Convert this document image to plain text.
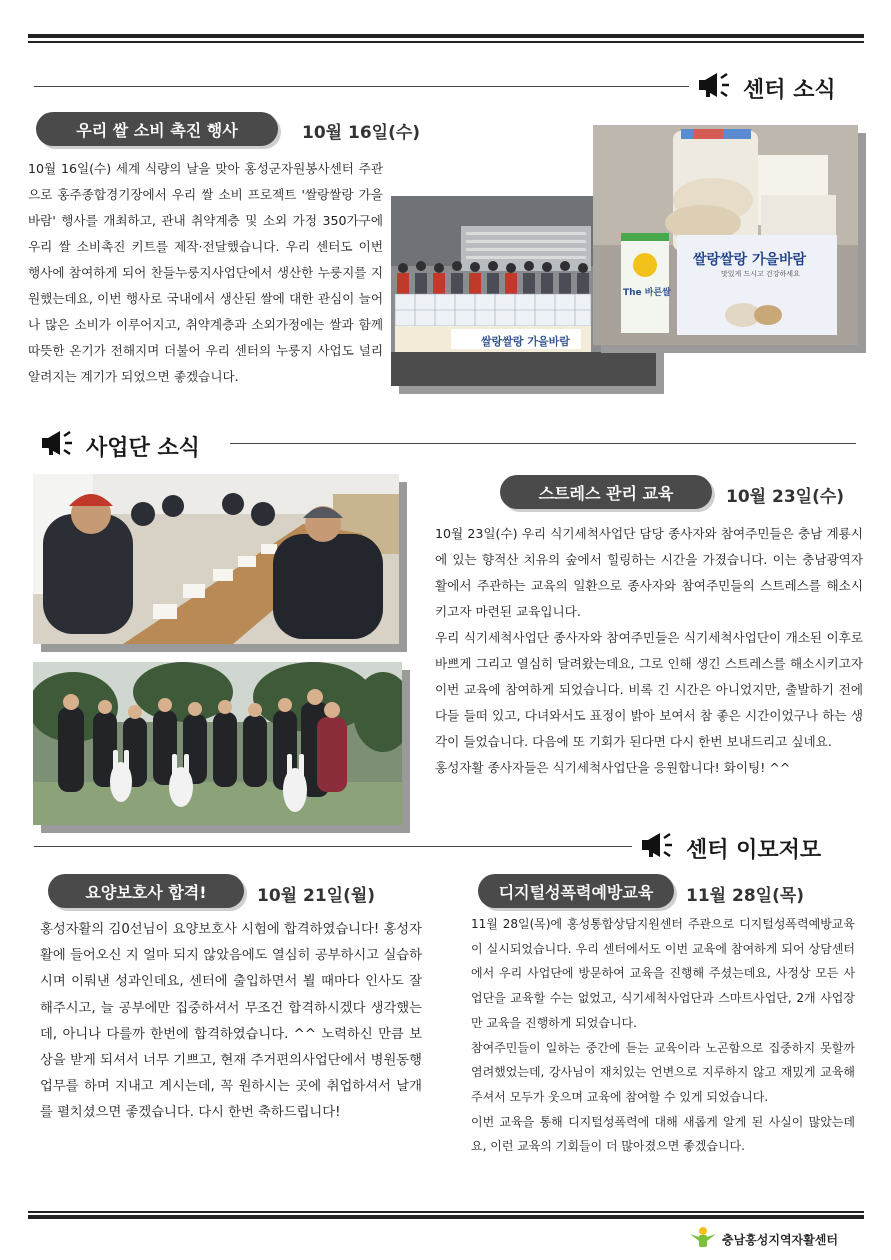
센터 소식
우리 쌀 소비 촉진 행사	10월 16일(수)
10월 16일(수) 세계 식량의 날을 맞아 홍성군자원봉사센터 주관으로 홍주종합경기장에서 우리 쌀 소비 프로젝트 '쌀랑쌀랑 가을바람' 행사를 개최하고, 관내 취약계층 및 소외 가정 350가구에 우리 쌀 소비촉진 키트를 제작·전달했습니다. 우리 센터도 이번 행사에 참여하게 되어 찬들누룽지사업단에서 생산한 누룽지를 지원했는데요, 이번 행사로 국내에서 생산된 쌀에 대한 관심이 늘어나 많은 소비가 이루어지고, 취약계층과 소외가정에는 쌀과 함께 따뜻한 온기가 전해지며 더불어 우리 센터의 누룽지 사업도 널리 알려지는 계기가 되었으면 좋겠습니다.
쌀랑쌀랑 가을바람
쌀랑쌀랑 가을바람
맛있게 드시고 건강하세요
The 바른쌀
사업단 소식
스트레스 관리 교육	10월 23일(수)

10월 23일(수) 우리 식기세척사업단 담당 종사자와 참여주민들은 충남 계룡시에 있는 향적산 치유의 숲에서 힐링하는 시간을 가졌습니다. 이는 충남광역자활에서 주관하는 교육의 일환으로 종사자와 참여주민들의 스트레스를 해소시키고자 마련된 교육입니다.

우리 식기세척사업단 종사자와 참여주민들은 식기세척사업단이 개소된 이후로 바쁘게 그리고 열심히 달려왔는데요, 그로 인해 생긴 스트레스를 해소시키고자 이번 교육에 참여하게 되었습니다. 비록 긴 시간은 아니었지만, 출발하기 전에 다들 들떠 있고, 다녀와서도 표정이 밝아 보여서 참 좋은 시간이었구나 하는 생각이 들었습니다. 다음에 또 기회가 된다면 다시 한번 보내드리고 싶네요.

홍성자활 종사자들은 식기세척사업단을 응원합니다! 화이팅! ^^

센터 이모저모
요양보호사 합격!	10월 21일(월)
홍성자활의 김0선님이 요양보호사 시험에 합격하였습니다! 홍성자활에 들어오신 지 얼마 되지 않았음에도 열심히 공부하시고 실습하시며 이뤄낸 성과인데요, 센터에 출입하면서 뵐 때마다 인사도 잘 해주시고, 늘 공부에만 집중하셔서 무조건 합격하시겠다 생각했는데, 아니나 다를까 한번에 합격하였습니다. ^^ 노력하신 만큼 보상을 받게 되셔서 너무 기쁘고, 현재 주거편의사업단에서 병원동행 업무를 하며 지내고 계시는데, 꼭 원하시는 곳에 취업하셔서 날개를 펼치셨으면 좋겠습니다. 다시 한번 축하드립니다!
디지털성폭력예방교육 11월 28일(목)

11월 28일(목)에 홍성통합상담지원센터 주관으로 디지털성폭력예방교육이 실시되었습니다. 우리 센터에서도 이번 교육에 참여하게 되어 상담센터에서 우리 사업단에 방문하여 교육을 진행해 주셨는데요, 사정상 모든 사업단을 교육할 수는 없었고, 식기세척사업단과 스마트사업단, 2개 사업장만 교육을 진행하게 되었습니다.

참여주민들이 일하는 중간에 듣는 교육이라 노곤함으로 집중하지 못할까 염려했었는데, 강사님이 재치있는 언변으로 지루하지 않고 재밌게 교육해 주셔서 모두가 웃으며 교육에 참여할 수 있게 되었습니다.

이번 교육을 통해 디지털성폭력에 대해 새롭게 알게 된 사실이 많았는데요, 이런 교육의 기회들이 더 많아졌으면 좋겠습니다.

충남홍성지역자활센터
